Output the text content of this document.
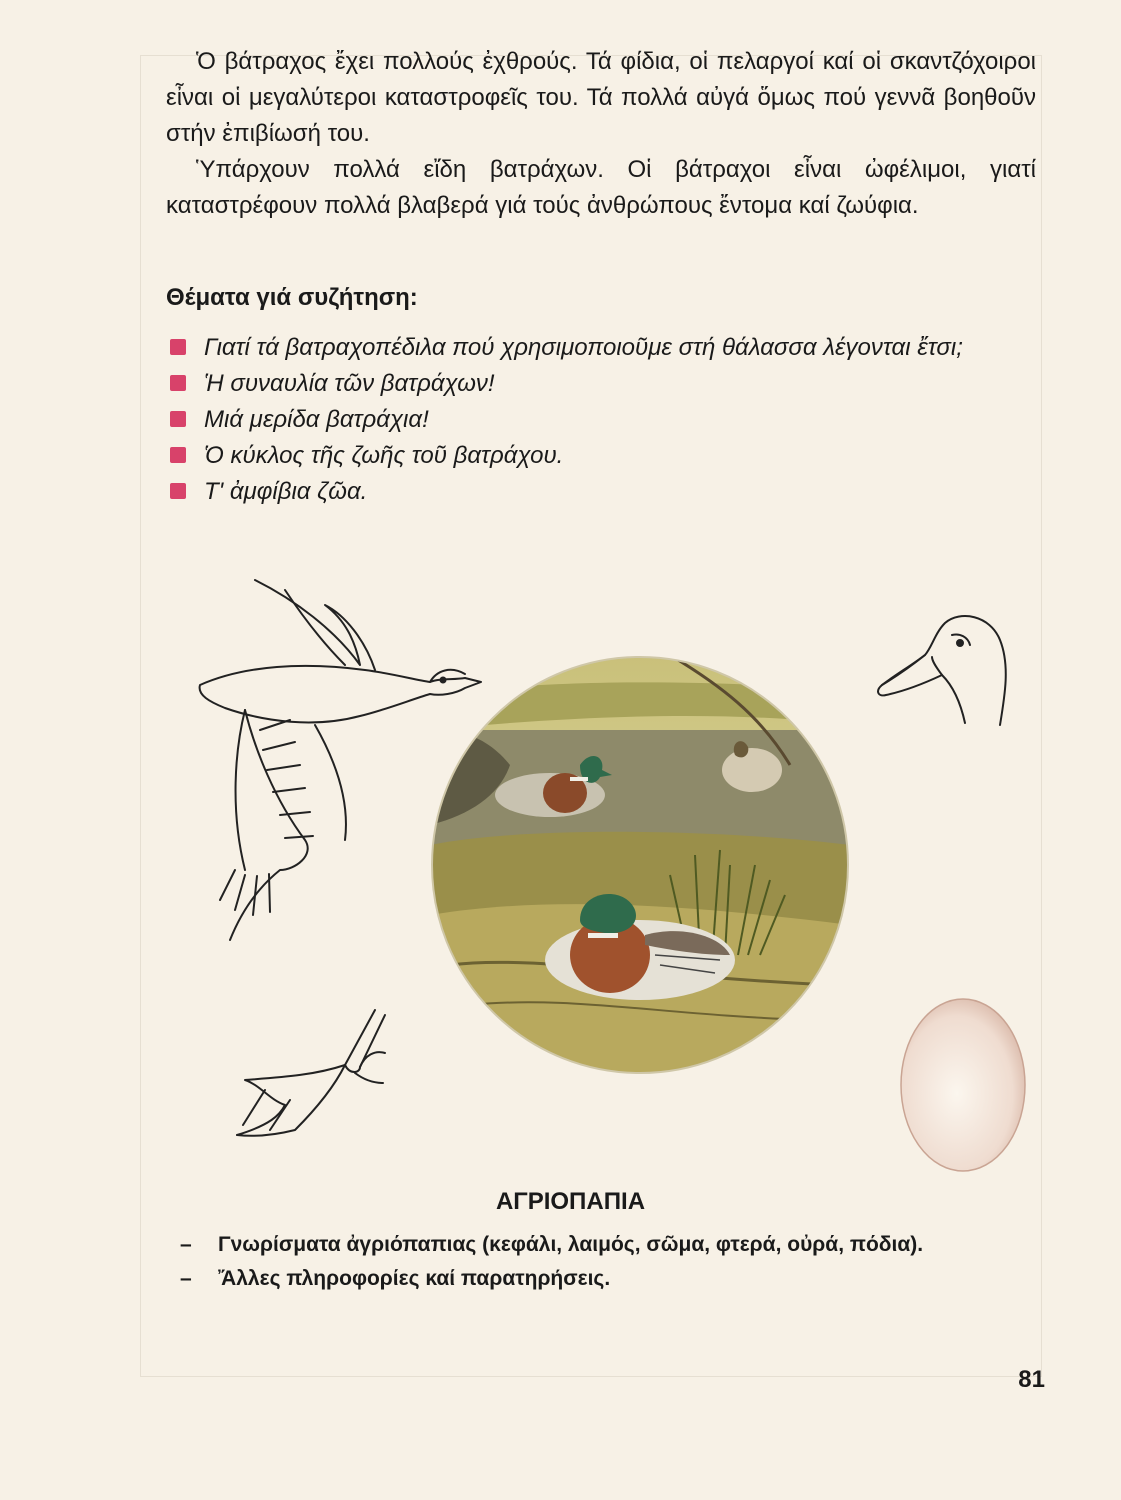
Ὁ βάτραχος ἔχει πολλούς ἐχθρούς. Τά φίδια, οἱ πελαργοί καί οἱ σκαντζόχοιροι εἶναι οἱ μεγαλύτεροι καταστροφεῖς του. Τά πολλά αὐγά ὅμως πού γεννᾶ βοηθοῦν στήν ἐπιβίωσή του.

Ὑπάρχουν πολλά εἴδη βατράχων. Οἱ βάτραχοι εἶναι ὠφέλιμοι, γιατί καταστρέφουν πολλά βλαβερά γιά τούς ἀνθρώπους ἔντομα καί ζωύφια.

Θέματα γιά συζήτηση:
Γιατί τά βατραχοπέδιλα πού χρησιμοποιοῦμε στή θάλασσα λέγονται ἔτσι;
Ἡ συναυλία τῶν βατράχων!
Μιά μερίδα βατράχια!
Ὁ κύκλος τῆς ζωῆς τοῦ βατράχου.
Τ' ἀμφίβια ζῶα.
ΑΓΡΙΟΠΑΠΙΑ
– Γνωρίσματα ἀγριόπαπιας (κεφάλι, λαιμός, σῶμα, φτερά, οὐρά, πόδια).
– Ἄλλες πληροφορίες καί παρατηρήσεις.
81
